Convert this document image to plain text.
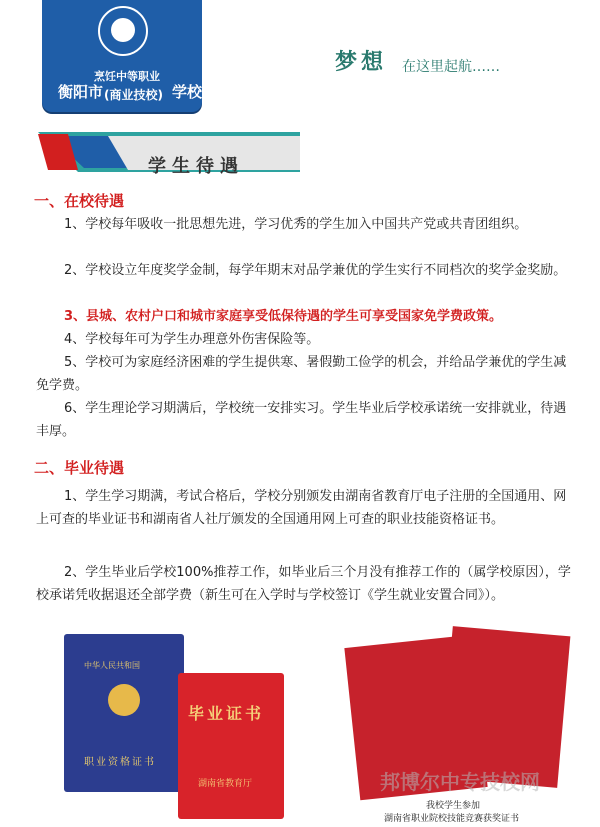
衡阳市
烹饪中等职业
(商业技校) 学校
梦想 在这里起航……
学生待遇
一、在校待遇
1、学校每年吸收一批思想先进，学习优秀的学生加入中国共产党或共青团组织。
2、学校设立年度奖学金制，每学年期末对品学兼优的学生实行不同档次的奖学金奖励。
3、县城、农村户口和城市家庭享受低保待遇的学生可享受国家免学费政策。
4、学校每年可为学生办理意外伤害保险等。
5、学校可为家庭经济困难的学生提供寒、暑假勤工俭学的机会，并给品学兼优的学生减免学费。
6、学生理论学习期满后，学校统一安排实习。学生毕业后学校承诺统一安排就业，待遇丰厚。
二、毕业待遇
1、学生学习期满，考试合格后，学校分别颁发由湖南省教育厅电子注册的全国通用、网上可查的毕业证书和湖南省人社厅颁发的全国通用网上可查的职业技能资格证书。
2、学生毕业后学校100%推荐工作，如毕业后三个月没有推荐工作的（属学校原因），学校承诺凭收据退还全部学费（新生可在入学时与学校签订《学生就业安置合同》）。
中华人民共和国
职业资格证书
毕业证书
湖南省教育厅	邦博尔中专技校网
我校学生参加
湖南省职业院校技能竞赛获奖证书
